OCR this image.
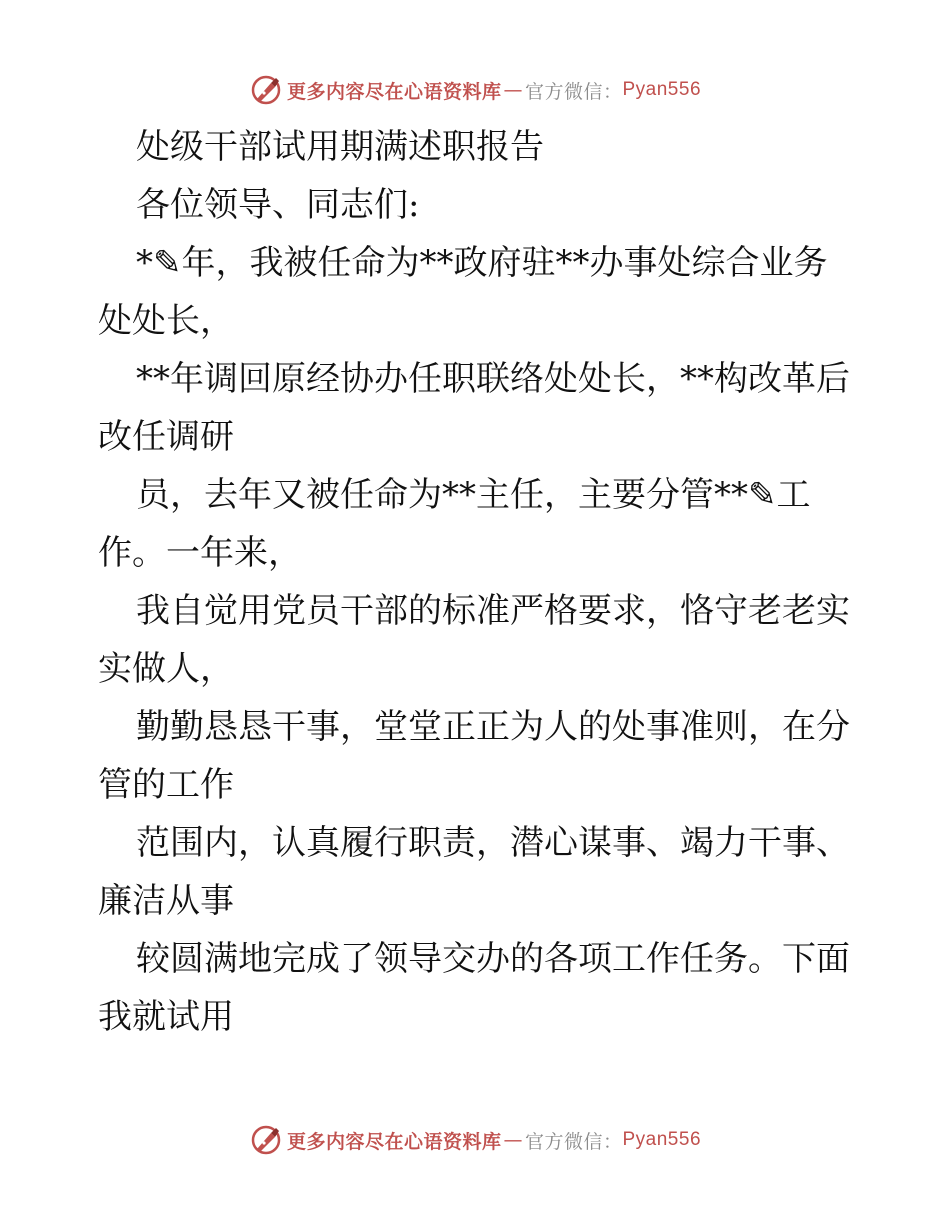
更多内容尽在心语资料库 — 官方微信： Pyan556

处级干部试用期满述职报告

各位领导、同志们:

*✎年，我被任命为**政府驻**办事处综合业务

处处长，

**年调回原经协办任职联络处处长，**构改革后

改任调研

员，去年又被任命为**主任，主要分管**✎工

作。一年来，

我自觉用党员干部的标准严格要求，恪守老老实

实做人，

勤勤恳恳干事，堂堂正正为人的处事准则，在分

管的工作

范围内，认真履行职责，潜心谋事、竭力干事、

廉洁从事

较圆满地完成了领导交办的各项工作任务。下面

我就试用

更多内容尽在心语资料库 — 官方微信： Pyan556
